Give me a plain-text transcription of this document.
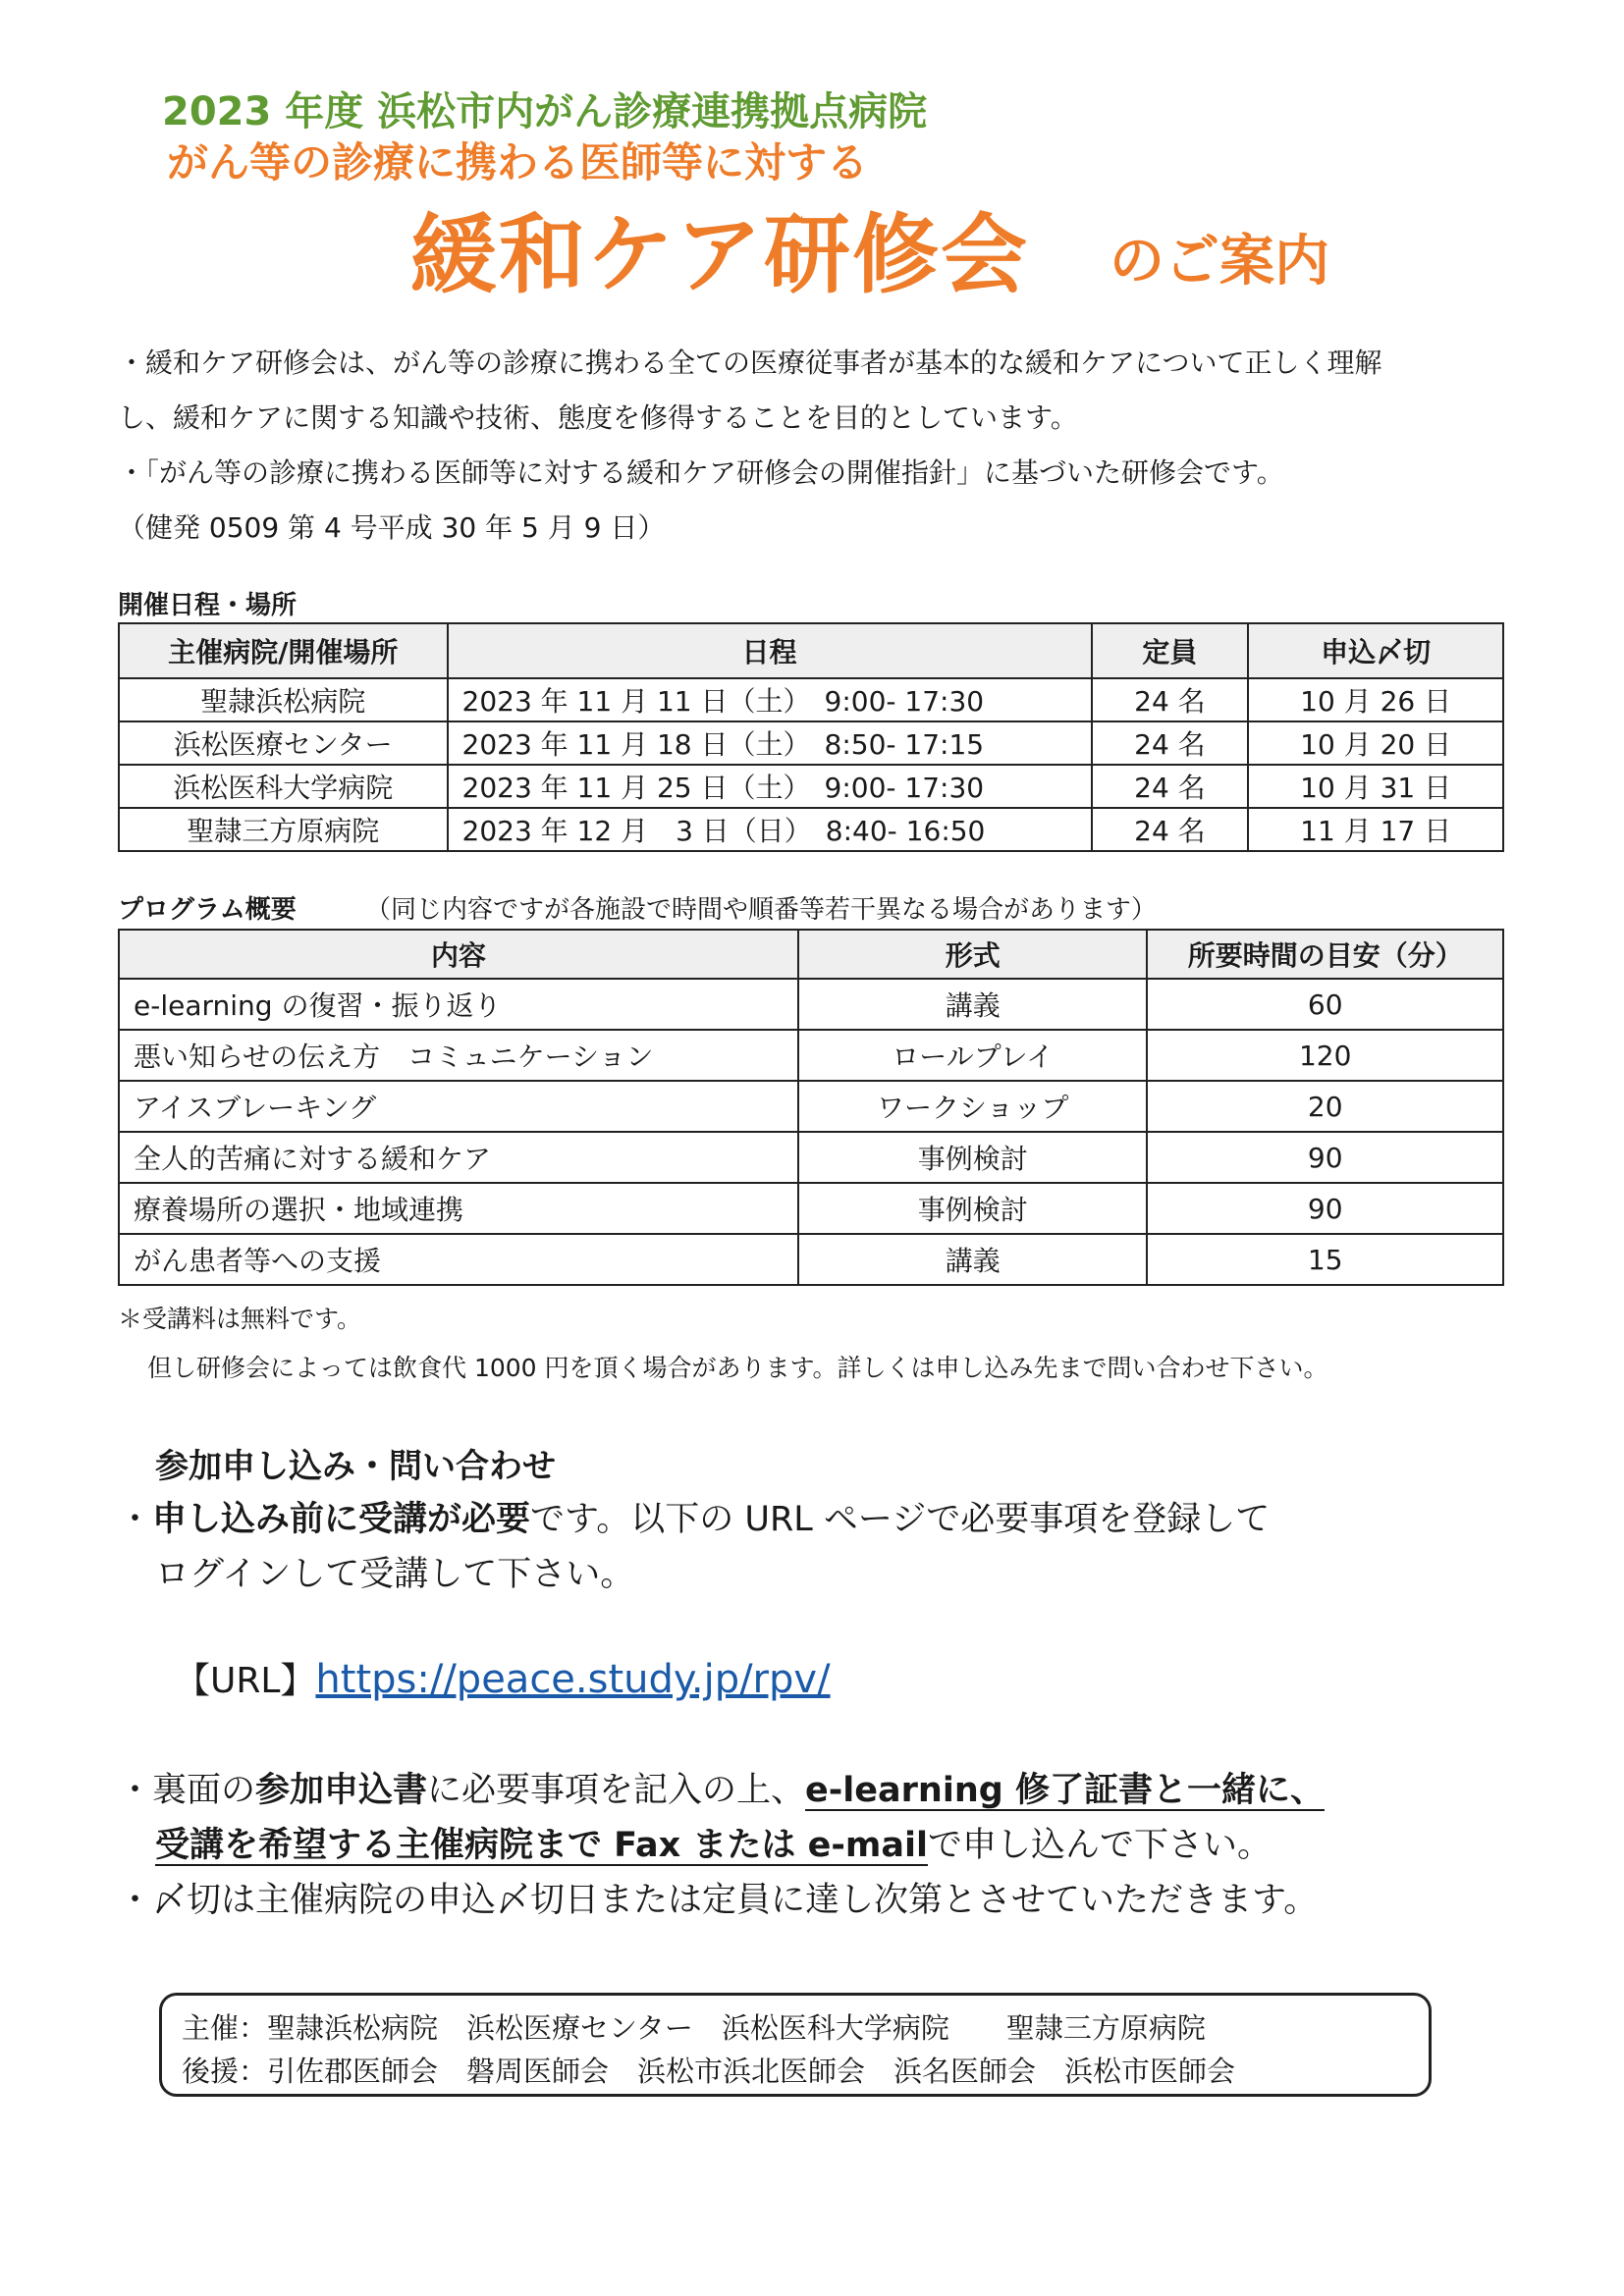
2023 年度 浜松市内がん診療連携拠点病院
がん等の診療に携わる医師等に対する
緩和ケア研修会 のご案内
・緩和ケア研修会は、がん等の診療に携わる全ての医療従事者が基本的な緩和ケアについて正しく理解
し、緩和ケアに関する知識や技術、態度を修得することを目的としています。
・「がん等の診療に携わる医師等に対する緩和ケア研修会の開催指針」に基づいた研修会です。
（健発 0509 第 4 号平成 30 年 5 月 9 日）
開催日程・場所
主催病院/開催場所	日程	定員	申込〆切
聖隷浜松病院	2023 年 11 月 11 日（土）　9:00- 17:30	24 名	10 月 26 日
浜松医療センター	2023 年 11 月 18 日（土）　8:50- 17:15	24 名	10 月 20 日
浜松医科大学病院	2023 年 11 月 25 日（土）　9:00- 17:30	24 名	10 月 31 日
聖隷三方原病院	2023 年 12 月　3 日（日）　8:40- 16:50	24 名	11 月 17 日
プログラム概要	（同じ内容ですが各施設で時間や順番等若干異なる場合があります）
内容	形式	所要時間の目安（分）
e-learning の復習・振り返り	講義	60
悪い知らせの伝え方　コミュニケーション	ロールプレイ	120
アイスブレーキング	ワークショップ	20
全人的苦痛に対する緩和ケア	事例検討	90
療養場所の選択・地域連携	事例検討	90
がん患者等への支援	講義	15
＊受講料は無料です。
但し研修会によっては飲食代 1000 円を頂く場合があります。詳しくは申し込み先まで問い合わせ下さい。
参加申し込み・問い合わせ
・申し込み前に受講が必要です。以下の URL ページで必要事項を登録して
ログインして受講して下さい。
【URL】https://peace.study.jp/rpv/
・裏面の参加申込書に必要事項を記入の上、e-learning 修了証書と一緒に、
受講を希望する主催病院まで Fax または e-mailで申し込んで下さい。
・〆切は主催病院の申込〆切日または定員に達し次第とさせていただきます。
主催：聖隷浜松病院　浜松医療センター　浜松医科大学病院　　聖隷三方原病院
後援：引佐郡医師会　磐周医師会　浜松市浜北医師会　浜名医師会　浜松市医師会
